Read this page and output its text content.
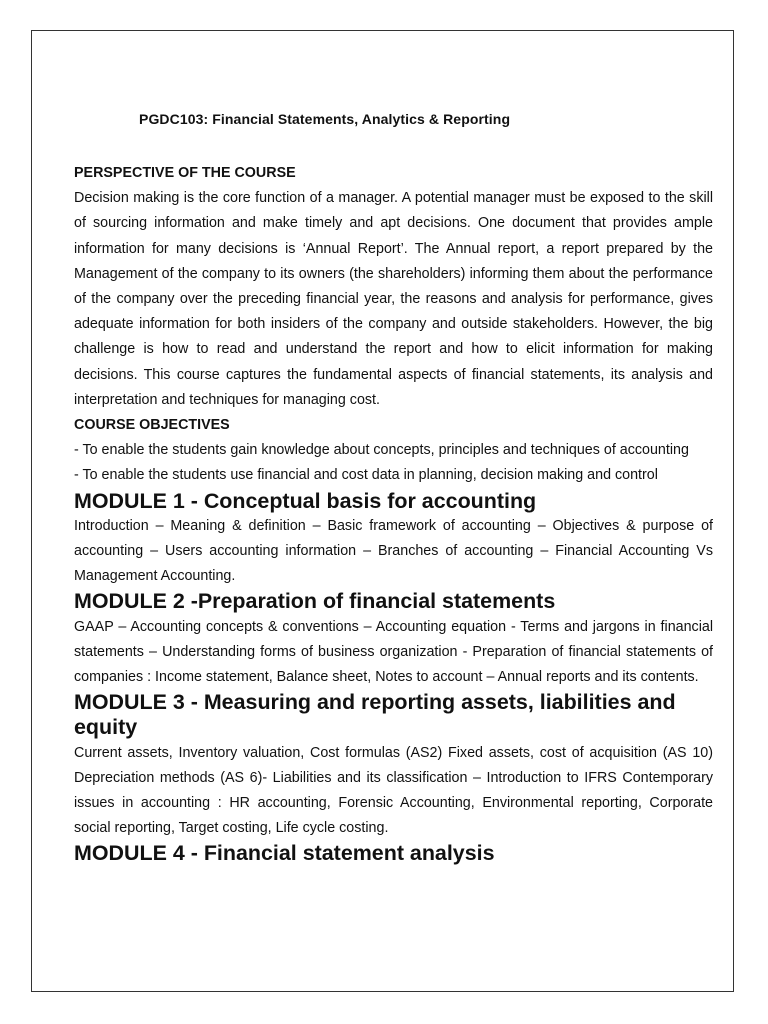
PGDC103: Financial Statements, Analytics & Reporting
PERSPECTIVE OF THE COURSE

Decision making is the core function of a manager. A potential manager must be exposed to the skill of sourcing information and make timely and apt decisions. One document that provides ample information for many decisions is ‘Annual Report’. The Annual report, a report prepared by the Management of the company to its owners (the shareholders) informing them about the performance of the company over the preceding financial year, the reasons and analysis for performance, gives adequate information for both insiders of the company and outside stakeholders. However, the big challenge is how to read and understand the report and how to elicit information for making decisions. This course captures the fundamental aspects of financial statements, its analysis and interpretation and techniques for managing cost.

COURSE OBJECTIVES

- To enable the students gain knowledge about concepts, principles and techniques of accounting

- To enable the students use financial and cost data in planning, decision making and control

MODULE 1 - Conceptual basis for accounting

Introduction – Meaning & definition – Basic framework of accounting – Objectives & purpose of accounting – Users accounting information – Branches of accounting – Financial Accounting Vs Management Accounting.

MODULE 2 -Preparation of financial statements

GAAP – Accounting concepts & conventions – Accounting equation - Terms and jargons in financial statements – Understanding forms of business organization - Preparation of financial statements of companies : Income statement, Balance sheet, Notes to account – Annual reports and its contents.

MODULE 3 - Measuring and reporting assets, liabilities and equity

Current assets, Inventory valuation, Cost formulas (AS2) Fixed assets, cost of acquisition (AS 10) Depreciation methods (AS 6)- Liabilities and its classification – Introduction to IFRS Contemporary issues in accounting : HR accounting, Forensic Accounting, Environmental reporting, Corporate social reporting, Target costing, Life cycle costing.

MODULE 4 - Financial statement analysis
